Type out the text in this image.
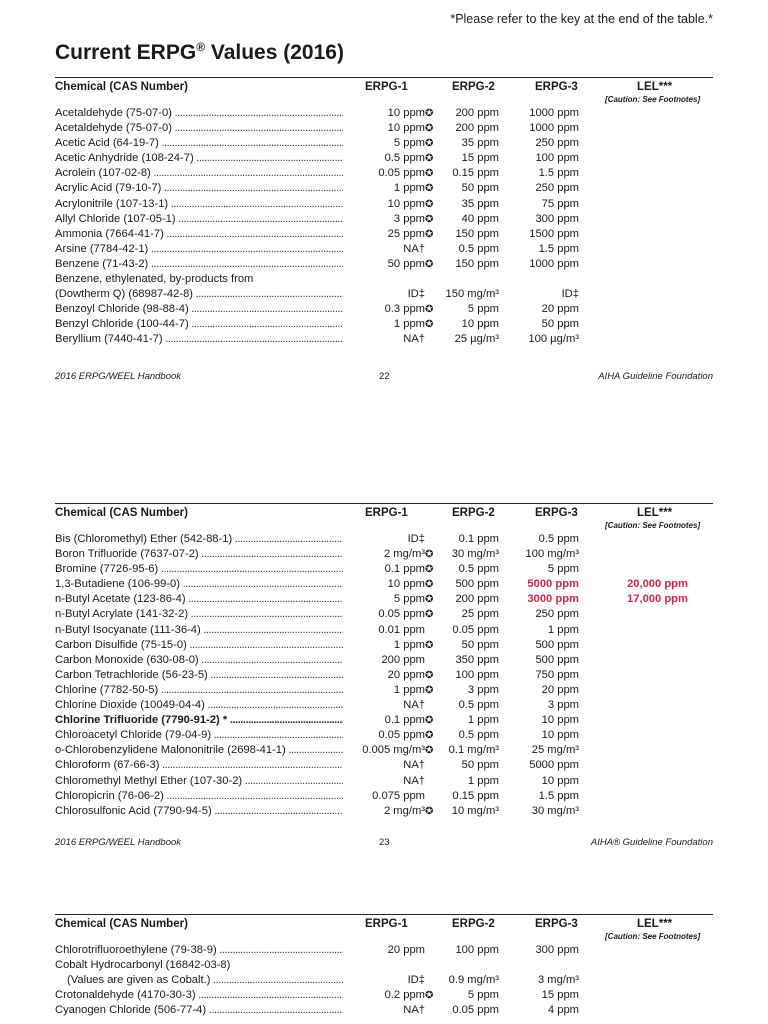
*Please refer to the key at the end of the table.*
Current ERPG® Values (2016)
Chemical (CAS Number)	ERPG-1	ERPG-2	ERPG-3	LEL***
[Caution: See Footnotes]
Acetaldehyde (75-07-0) .....	10 ppm ✪	200 ppm	1000 ppm
Acetaldehyde (75-07-0) .....	10 ppm ✪	200 ppm	1000 ppm
Acetic Acid (64-19-7) .....	5 ppm ✪	35 ppm	250 ppm
Acetic Anhydride (108-24-7) .....	0.5 ppm ✪	15 ppm	100 ppm
Acrolein (107-02-8) .....	0.05 ppm ✪	0.15 ppm	1.5 ppm
Acrylic Acid (79-10-7) .....	1 ppm ✪	50 ppm	250 ppm
Acrylonitrile (107-13-1) .....	10 ppm ✪	35 ppm	75 ppm
Allyl Chloride (107-05-1) .....	3 ppm ✪	40 ppm	300 ppm
Ammonia (7664-41-7) .....	25 ppm ✪	150 ppm	1500 ppm
Arsine (7784-42-1) .....	NA†	0.5 ppm	1.5 ppm
Benzene (71-43-2) .....	50 ppm ✪	150 ppm	1000 ppm
Benzene, ethylenated, by-products from
(Dowtherm Q) (68987-42-8) .....	ID‡	150 mg/m³	ID‡
Benzoyl Chloride (98-88-4) .....	0.3 ppm ✪	5 ppm	20 ppm
Benzyl Chloride (100-44-7) .....	1 ppm ✪	10 ppm	50 ppm
Beryllium (7440-41-7) .....	NA†	25 µg/m³	100 µg/m³
2016 ERPG/WEEL Handbook	22	AIHA Guideline Foundation
Chemical (CAS Number)	ERPG-1	ERPG-2	ERPG-3	LEL***
[Caution: See Footnotes]
Bis (Chloromethyl) Ether (542-88-1) .....	ID‡	0.1 ppm	0.5 ppm
Boron Trifluoride (7637-07-2) .....	2 mg/m³ ✪	30 mg/m³	100 mg/m³
Bromine (7726-95-6) .....	0.1 ppm ✪	0.5 ppm	5 ppm
1,3-Butadiene (106-99-0) .....	10 ppm ✪	500 ppm	5000 ppm	20,000 ppm
n-Butyl Acetate (123-86-4) .....	5 ppm ✪	200 ppm	3000 ppm	17,000 ppm
n-Butyl Acrylate (141-32-2) .....	0.05 ppm ✪	25 ppm	250 ppm
n-Butyl Isocyanate (111-36-4) .....	0.01 ppm	0.05 ppm	1 ppm
Carbon Disulfide (75-15-0) .....	1 ppm ✪	50 ppm	500 ppm
Carbon Monoxide (630-08-0) .....	200 ppm	350 ppm	500 ppm
Carbon Tetrachloride (56-23-5) .....	20 ppm ✪	100 ppm	750 ppm
Chlorine (7782-50-5) .....	1 ppm ✪	3 ppm	20 ppm
Chlorine Dioxide (10049-04-4) .....	NA†	0.5 ppm	3 ppm
Chlorine Trifluoride (7790-91-2) * .....	0.1 ppm ✪	1 ppm	10 ppm
Chloroacetyl Chloride (79-04-9) .....	0.05 ppm ✪	0.5 ppm	10 ppm
o-Chlorobenzylidene Malononitrile (2698-41-1) .....	0.005 mg/m³ ✪	0.1 mg/m³	25 mg/m³
Chloroform (67-66-3) .....	NA†	50 ppm	5000 ppm
Chloromethyl Methyl Ether (107-30-2) .....	NA†	1 ppm	10 ppm
Chloropicrin (76-06-2) .....	0.075 ppm	0.15 ppm	1.5 ppm
Chlorosulfonic Acid (7790-94-5) .....	2 mg/m³ ✪	10 mg/m³	30 mg/m³
2016 ERPG/WEEL Handbook	23	AIHA® Guideline Foundation
Chemical (CAS Number)	ERPG-1	ERPG-2	ERPG-3	LEL***
[Caution: See Footnotes]
Chlorotrifluoroethylene (79-38-9) .....	20 ppm	100 ppm	300 ppm
Cobalt Hydrocarbonyl (16842-03-8)
(Values are given as Cobalt.) .....	ID‡	0.9 mg/m³	3 mg/m³
Crotonaldehyde (4170-30-3) .....	0.2 ppm ✪	5 ppm	15 ppm
Cyanogen Chloride (506-77-4) .....	NA†	0.05 ppm	4 ppm
